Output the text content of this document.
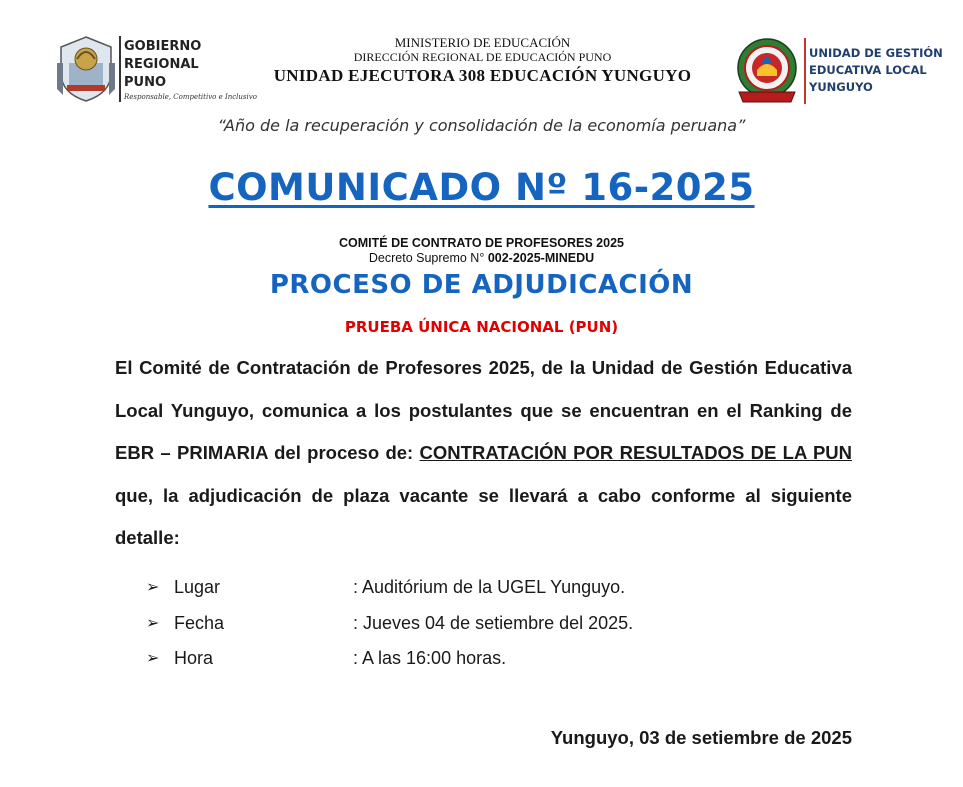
GOBIERNO
REGIONAL
PUNO
Responsable, Competitivo e Inclusivo
MINISTERIO DE EDUCACIÓN
DIRECCIÓN REGIONAL DE EDUCACIÓN PUNO
UNIDAD EJECUTORA 308 EDUCACIÓN YUNGUYO
UNIDAD DE GESTIÓN
EDUCATIVA LOCAL
YUNGUYO
“Año de la recuperación y consolidación de la economía peruana”
COMUNICADO Nº 16-2025
COMITÉ DE CONTRATO DE PROFESORES 2025
Decreto Supremo N° 002-2025-MINEDU
PROCESO DE ADJUDICACIÓN
PRUEBA ÚNICA NACIONAL (PUN)
El Comité de Contratación de Profesores 2025, de la Unidad de Gestión Educativa Local Yunguyo, comunica a los postulantes que se encuentran en el Ranking de EBR – PRIMARIA del proceso de: CONTRATACIÓN POR RESULTADOS DE LA PUN que, la adjudicación de plaza vacante se llevará a cabo conforme al siguiente detalle:
➢ Lugar	: Auditórium de la UGEL Yunguyo.
➢ Fecha	: Jueves 04 de setiembre del 2025.
➢ Hora	: A las 16:00 horas.
Yunguyo, 03 de setiembre de 2025
